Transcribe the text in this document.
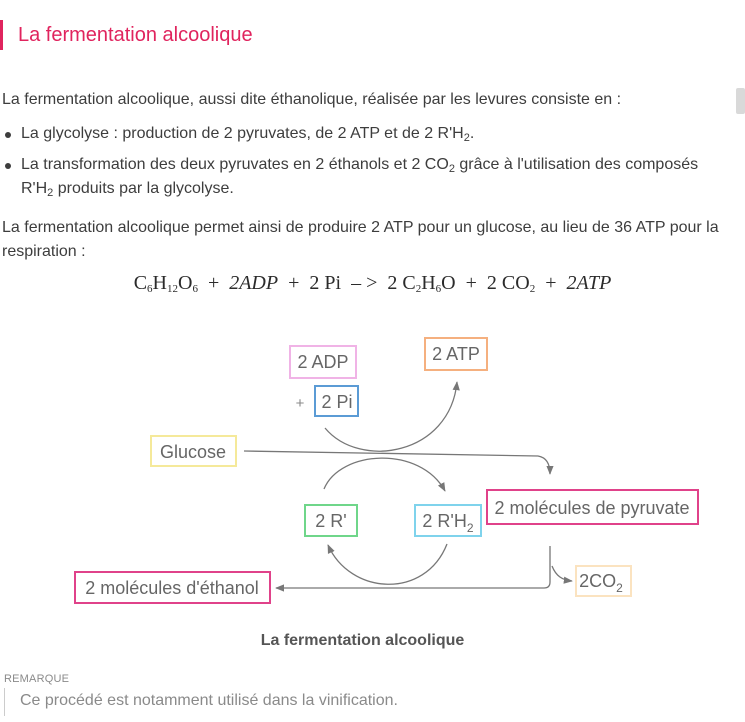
La fermentation alcoolique

La fermentation alcoolique, aussi dite éthanolique, réalisée par les levures consiste en :

La glycolyse : production de 2 pyruvates, de 2 ATP et de 2 $R'H_2$.
La transformation des deux pyruvates en 2 éthanols et 2 $CO_2$ grâce à l'utilisation des composés $R'H_2$ produits par la glycolyse.

La fermentation alcoolique permet ainsi de produire 2 ATP pour un glucose, au lieu de 36 ATP pour la respiration :

$C_6H_{12}O_6 + 2ADP + 2$ Pi – > 2 $C_2H_6O + 2$ $CO_2 + 2ATP$
2 ADP	2 ATP
+ 2 Pi
Glucose
2 R'	2 $R'H_2$
2 molécules de pyruvate
2 molécules d'éthanol	$2CO_2$
La fermentation alcoolique
REMARQUE
Ce procédé est notamment utilisé dans la vinification.
